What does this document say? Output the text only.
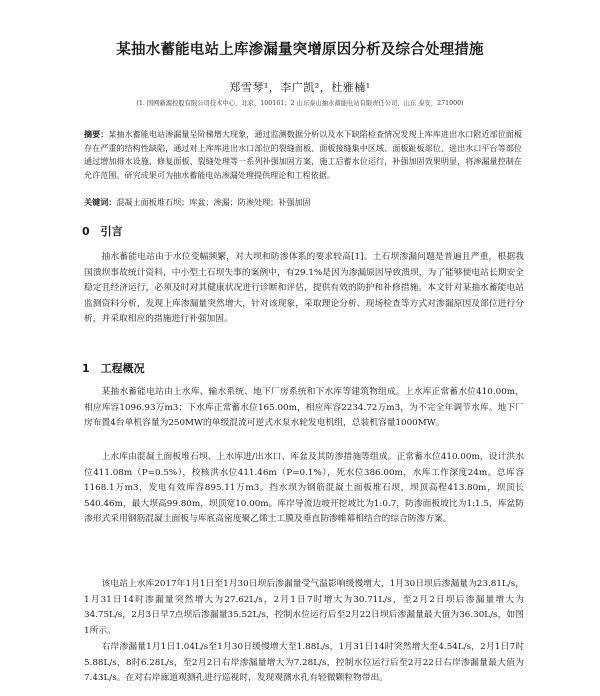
某抽水蓄能电站上库渗漏量突增原因分析及综合处理措施
郑雪琴¹，李广凯²，杜雅楠¹
(1. 国网新源控股有限公司技术中心，北京，100161；2 山东泰山抽水蓄能电站有限责任公司，山东 泰安，271000)
摘要：某抽水蓄能电站渗漏量呈阶梯增大现象，通过监测数据分析以及水下缺陷检查情况发现上库库进出水口附近部位面板存在严重的结构性缺陷，通过对上库库进出水口部位的裂缝面板、面板接缝集中区域、面板趾板部位、进出水口平台等部位通过增加排水设施、修复面板、裂缝处理等一系列补强加固方案，施工后蓄水位运行，补强加固效果明显，将渗漏量控制在允许范围。研究成果可为抽水蓄能电站渗漏处理提供理论和工程依据。
关键词：混凝土面板堆石坝；库盆；渗漏；防渗处理；补强加固
0　引言
抽水蓄能电站由于水位变幅频繁，对大坝和防渗体系的要求较高[1]。土石坝渗漏问题是普遍且严重，根据我国溃坝事故统计资料，中小型土石坝失事的案例中，有29.1%是因为渗漏原因导致溃坝，为了能够使电站长期安全稳定且经济运行，必须及时对其健康状况进行诊断和评估，提供有效的防护和补修措施。本文针对某抽水蓄能电站监测资料分析，发现上库渗漏量突然增大，针对该现象，采取理论分析、现场检查等方式对渗漏原因及部位进行分析，并采取相应的措施进行补强加固。
1　工程概况
某抽水蓄能电站由上水库、输水系统、地下厂房系统和下水库等建筑物组成。上水库正常蓄水位410.00m，相应库容1096.93万m3；下水库正常蓄水位165.00m，相应库容2234.72万m3，为不完全年调节水库。地下厂房布置4台单机容量为250MW的单级混流可逆式水泵水轮发电机组，总装机容量1000MW。
上水库由混凝土面板堆石坝、上水库进/出水口、库盆及其防渗措施等组成。正常蓄水位410.00m，设计洪水位411.08m（P=0.5%），校核洪水位411.46m（P=0.1%），死水位386.00m，水库工作深度24m。总库容1168.1万m3，发电有效库容895.11万m3。挡水坝为钢筋混凝土面板堆石坝，坝顶高程413.80m，坝顶长540.46m，最大坝高99.80m，坝顶宽10.00m。库岸导流边坡开挖坡比为1:0.7，防渗面板坡比为1:1.5，库盆防渗形式采用钢筋混凝土面板与库底高密度聚乙烯土工膜及垂直防渗帷幕相结合的综合防渗方案。
该电站上水库2017年1月1日至1月30日坝后渗漏量受气温影响缓慢增大，1月30日坝后渗漏量为23.81L/s，1月31日14时渗漏量突然增大为27.62L/s，2月1日7时增大为30.71L/s，至2月2日坝后渗漏量增大为34.75L/s，2月3日早7点坝后渗漏量35.52L/s，控制水位运行后至2月22日坝后渗漏量最大值为36.30L/s，如图1所示。
右岸渗漏量1月1日1.04L/s至1月30日缓慢增大至1.88L/s，1月31日14时突然增大至4.54L/s，2月1日7时5.88L/s，8时6.28L/s，至2月2日右岸渗漏量增大为7.28L/s，控制水位运行后至2月22日右岸渗漏量最大值为7.43L/s。在对右岸廊道观测孔进行巡视时，发现观测水孔有轻微颗粒物带出。
